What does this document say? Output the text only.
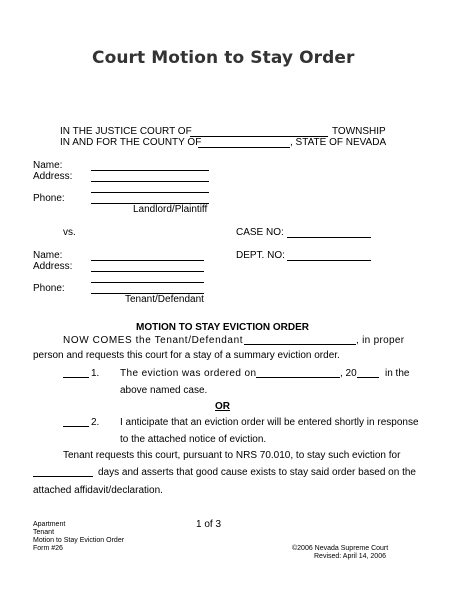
Court Motion to Stay Order
IN THE JUSTICE COURT OF	TOWNSHIP
IN AND FOR THE COUNTY OF	, STATE OF NEVADA
Name:
Address:
Phone:
Landlord/Plaintiff
vs.	CASE NO:
Name:	DEPT. NO:
Address:
Phone:
Tenant/Defendant
MOTION TO STAY EVICTION ORDER
NOW COMES the Tenant/Defendant	, in proper
person and requests this court for a stay of a summary eviction order.
1. The eviction was ordered on	, 20	in the
above named case.
OR
2. I anticipate that an eviction order will be entered shortly in response
to the attached notice of eviction.
Tenant requests this court, pursuant to NRS 70.010, to stay such eviction for
days and asserts that good cause exists to stay said order based on the
attached affidavit/declaration.
Apartment
Tenant
Motion to Stay Eviction Order
Form #26
1 of 3
©2006 Nevada Supreme Court
Revised: April 14, 2006
